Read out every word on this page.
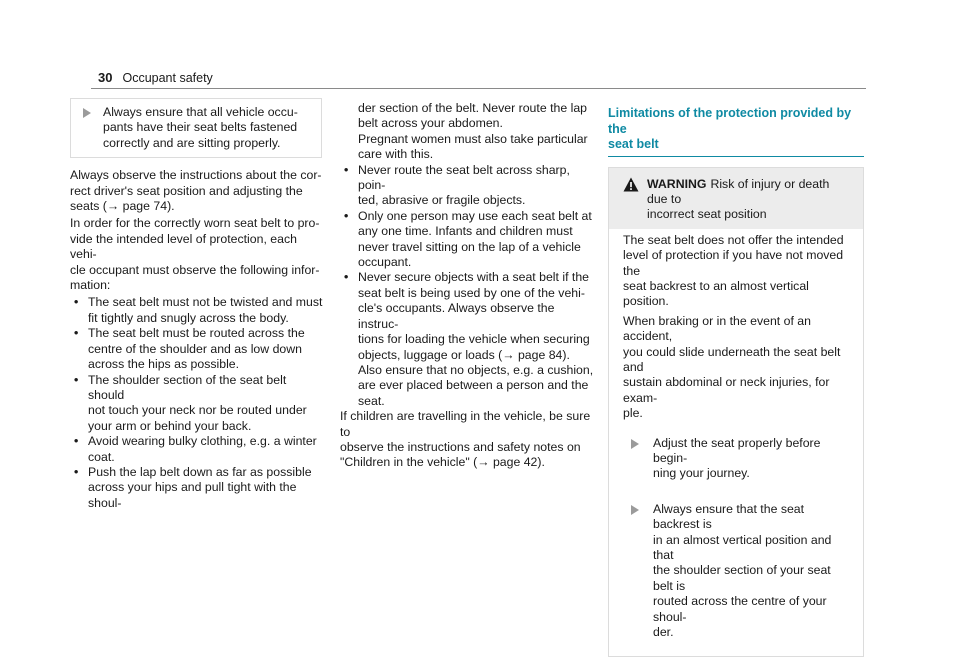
30 Occupant safety

Always ensure that all vehicle occu-
pants have their seat belts fastened
correctly and are sitting properly.

Always observe the instructions about the cor-
rect driver's seat position and adjusting the
seats (→ page 74).

In order for the correctly worn seat belt to pro-
vide the intended level of protection, each vehi-
cle occupant must observe the following infor-
mation:

• The seat belt must not be twisted and must
fit tightly and snugly across the body.
• The seat belt must be routed across the
centre of the shoulder and as low down
across the hips as possible.
• The shoulder section of the seat belt should
not touch your neck nor be routed under
your arm or behind your back.
• Avoid wearing bulky clothing, e.g. a winter
coat.
• Push the lap belt down as far as possible
across your hips and pull tight with the shoul-

der section of the belt. Never route the lap
belt across your abdomen.

Pregnant women must also take particular
care with this.

• Never route the seat belt across sharp, poin-
ted, abrasive or fragile objects.
• Only one person may use each seat belt at
any one time. Infants and children must
never travel sitting on the lap of a vehicle
occupant.
• Never secure objects with a seat belt if the
seat belt is being used by one of the vehi-
cle's occupants. Always observe the instruc-
tions for loading the vehicle when securing
objects, luggage or loads (→ page 84).

Also ensure that no objects, e.g. a cushion,
are ever placed between a person and the
seat.

If children are travelling in the vehicle, be sure to
observe the instructions and safety notes on
"Children in the vehicle" (→ page 42).

Limitations of the protection provided by the
seat belt

WARNING Risk of injury or death due to
incorrect seat position

The seat belt does not offer the intended
level of protection if you have not moved the
seat backrest to an almost vertical position.

When braking or in the event of an accident,
you could slide underneath the seat belt and
sustain abdominal or neck injuries, for exam-
ple.

Adjust the seat properly before begin-
ning your journey.

Always ensure that the seat backrest is
in an almost vertical position and that
the shoulder section of your seat belt is
routed across the centre of your shoul-
der.
